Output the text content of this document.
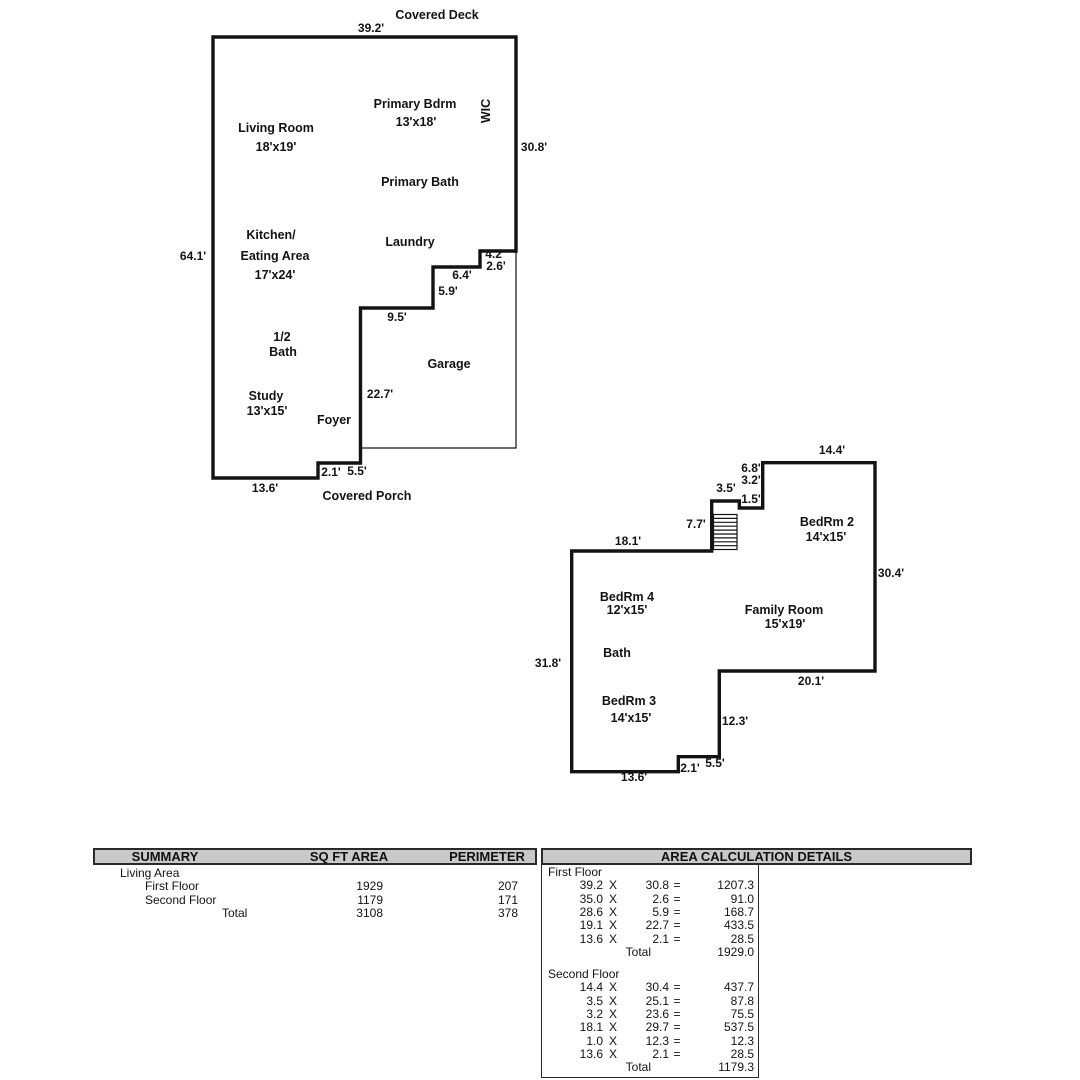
Covered Deck
39.2'
Living Room
18'x19'
Primary Bdrm
13'x18'	WIC
30.8'
Primary Bath
Kitchen/
Eating Area
17'x24'
Laundry
64.1'	4.2'
2.6'
6.4'
5.9'
9.5'
1/2
Bath
Garage
22.7'
Study
13'x15'
Foyer
2.1' 5.5'
13.6'
Covered Porch
14.4'
6.8'
3.2'
3.5'
1.5'
7.7'
18.1'
BedRm 2
14'x15'
30.4'
BedRm 4
12'x15'	Family Room
15'x19'
Bath
31.8'
20.1'
BedRm 3
14'x15'	12.3'
5.5'
2.1'
13.6'
SUMMARY	SQ FT AREA	PERIMETER	AREA CALCULATION DETAILS
Living Area
First Floor	1929	207
Second Floor	1179	171
Total	3108	378
First Floor
39.2 X	30.8 =	1207.3
35.0 X	2.6 =	91.0
28.6 X	5.9 =	168.7
19.1 X	22.7 =	433.5
13.6 X	2.1 =	28.5
Total	1929.0
Second Floor
14.4 X	30.4 =	437.7
3.5 X	25.1 =	87.8
3.2 X	23.6 =	75.5
18.1 X	29.7 =	537.5
1.0 X	12.3 =	12.3
13.6 X	2.1 =	28.5
Total	1179.3
